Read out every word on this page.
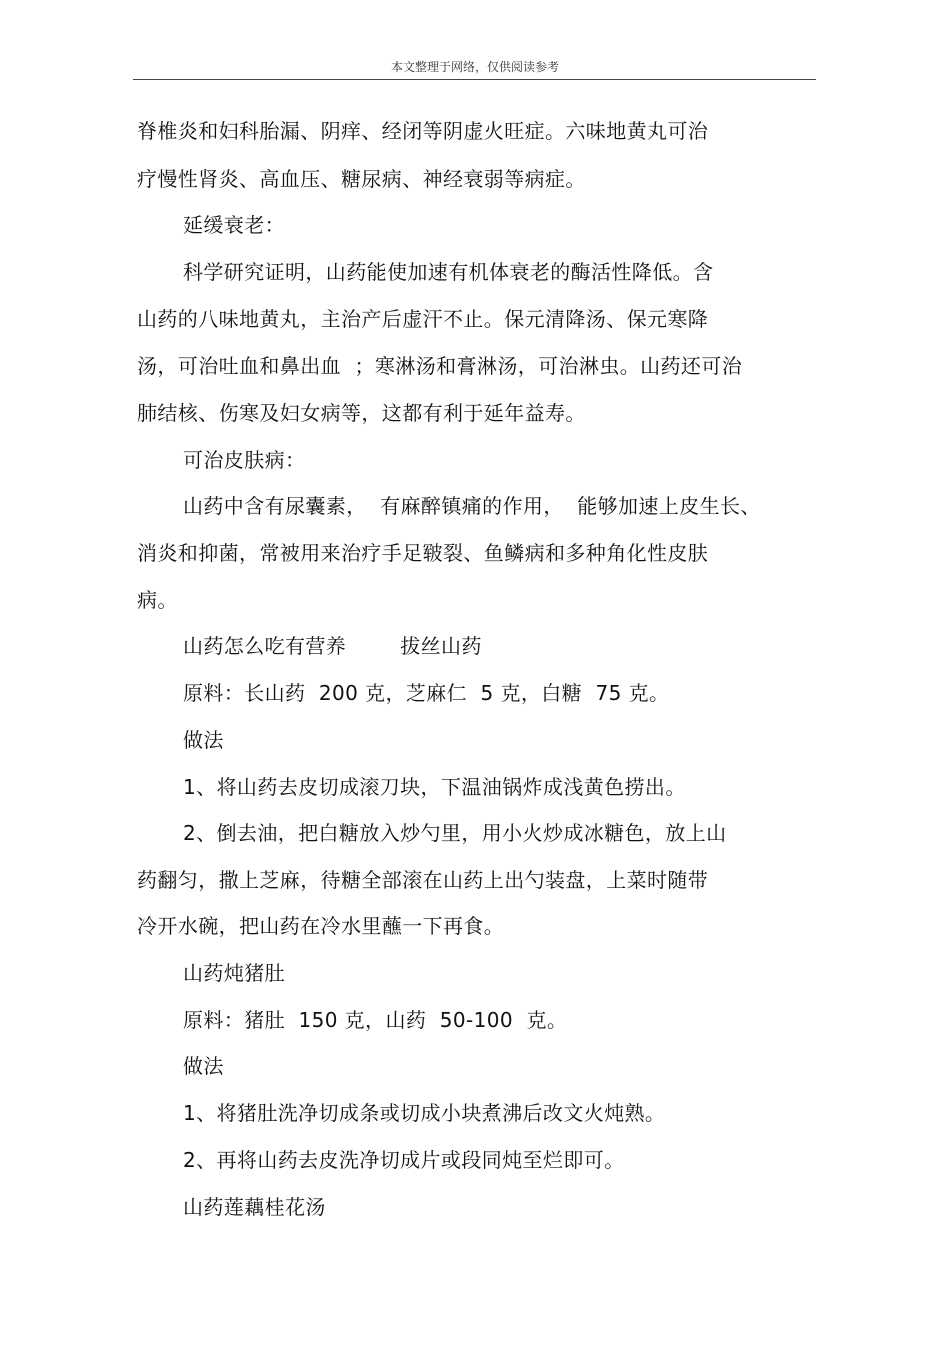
本文整理于网络，仅供阅读参考
脊椎炎和妇科胎漏、阴痒、经闭等阴虚火旺症。六味地黄丸可治
疗慢性肾炎、高血压、糖尿病、神经衰弱等病症。
延缓衰老：
科学研究证明，山药能使加速有机体衰老的酶活性降低。含
山药的八味地黄丸，主治产后虚汗不止。保元清降汤、保元寒降
汤，可治吐血和鼻出血  ；寒淋汤和膏淋汤，可治淋虫。山药还可治
肺结核、伤寒及妇女病等，这都有利于延年益寿。
可治皮肤病：
山药中含有尿囊素，  有麻醉镇痛的作用，  能够加速上皮生长、
消炎和抑菌，常被用来治疗手足皲裂、鱼鳞病和多种角化性皮肤
病。
山药怎么吃有营养        拔丝山药
原料：长山药  200 克，芝麻仁  5 克，白糖  75 克。
做法
1、将山药去皮切成滚刀块，下温油锅炸成浅黄色捞出。
2、倒去油，把白糖放入炒勺里，用小火炒成冰糖色，放上山
药翻匀，撒上芝麻，待糖全部滚在山药上出勺装盘，上菜时随带
冷开水碗，把山药在冷水里蘸一下再食。
山药炖猪肚
原料：猪肚  150 克，山药  50-100  克。
做法
1、将猪肚洗净切成条或切成小块煮沸后改文火炖熟。
2、再将山药去皮洗净切成片或段同炖至烂即可。
山药莲藕桂花汤
